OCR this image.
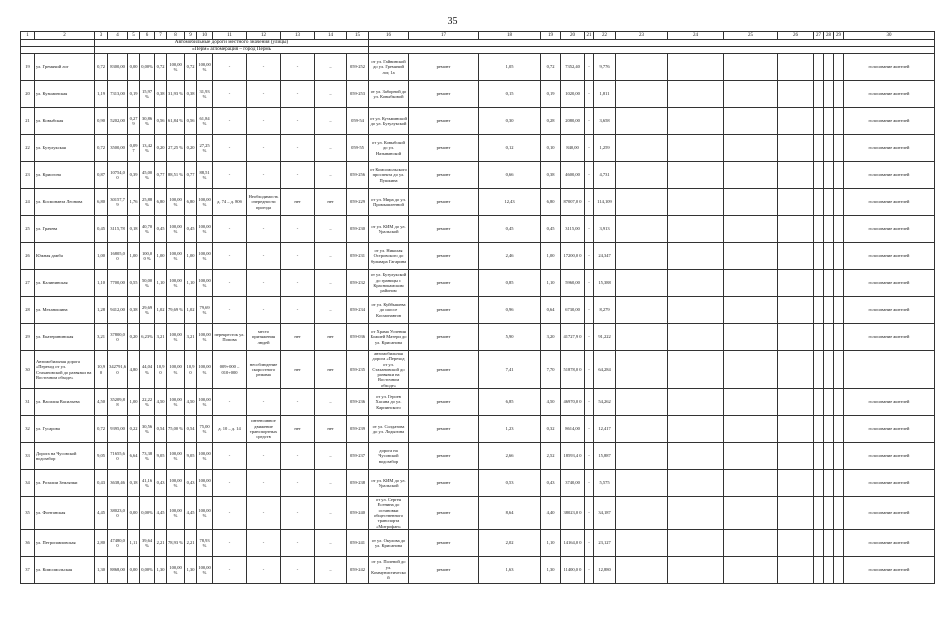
35
1	2	3	4	5	6	7	8	9	10	11	12	13	14	15	16	17	18	19	20	21	22	23	24	25	26	27	28	29	30
		Автомобильные дороги местного значения (улицы)																											
		«Перм» агломерация – город Пермь																											
19	ул. Гремячий лог	0,72	8300,00	0,00	0,00%	0,72	100,00 %	0,72	100,00 %	-	-	-	–	059-252	от ул. Гайвинской до ул. Гремячий лог, 1а	ремонт	1,05	0,72	7352,40	-	9,776								голосование жителей
20	ул. Кузьминская	1,19	7313,00	0,19	15,97 %	0,38	31,93 %	0,38	31,93 %	-	-	-	–	059-253	от ул. Заборной до ул. Ковыбковой	ремонт	0,15	0,19	1020,00	-	1,811								голосование жителей
21	ул. Ковыбская	0,90	5202,00	0,27 9	30,86 %	0,56	61,84 %	0,56	61,84 %	-	-	-	–	059-54	от ул. Кузьминской до ул. Бузулукской	ремонт	0,30	0,28	2080,00	-	3,658								голосование жителей
22	ул. Бузулукская	0,72	3500,00	0,09 7	13,42 %	0,20	27,25 %	0,20	27,25 %	-	-	-	–	059-55	от ул. Ковыбской до ул. Называнской	ремонт	0,12	0,10	840,00	-	1,259								голосование жителей
23	ул. Криогона	0,87	10754,0 0	0,39	45,00 %	0,77	88,51 %	0,77	88,51 %	-	-	-	–	059-256	от Комсомольского проспекта до ул. Пушкина	ремонт	0,66	0,38	4600,00	-	4,731								голосование жителей
24	ул. Космонавта Леонова	6,80	30157,7 9	1,76	25,88 %	6,80	100,00 %	6,80	100,00 %	д. 74 – д. 80б	Необходимость очередности проезда	нет	нет	059-229	от ул. Мира до ул. Промышленной	ремонт	12,43	6,80	87007,0 0	-	114,109								голосование жителей
25	ул. Грачева	0,45	3115,78	0,18	40,70 %	0,45	100,00 %	0,45	100,00 %	-	-	-	–	059-230	от ул. КИМ до ул. Уральской	ремонт	0,45	0,45	3115,00	-	3,913								голосование жителей
26	Южная дамба	1,00	16805,0 0	1,00	100,00 %	1,00	100,00 %	1,00	100,00 %	-	-	-	–	059-231	от ул. Николая Островского до бульвара Гагарина	ремонт	2,46	1,00	17200,0 0	-	24,347								голосование жителей
27	ул. Калининская	1,10	7700,00	0,55	50,00 %	1,10	100,00 %	1,10	100,00 %	-	-	-	–	059-232	от ул. Бузулукской до границы с Краснокамским районом	ремонт	0,85	1,10	5960,00	-	15,388								голосование жителей
28	ул. Механошина	1,28	9412,00	0,38	29,69 %	1,02	79,69 %	1,02	79,69 %	-	-	-	–	059-234	от ул. Куйбышева до шоссе Космонавтов	ремонт	0,96	0,64	6730,00	-	8,279								голосование жителей
29	ул. Екатерининская	3,21	37800,0 0	0,20	6,23%	3,21	100,00 %	3,21	100,00 %	перекресток ул. Попова	место притяжения людей	нет	нет	059-036	от Храма Успения Божией Матери до ул. Крисанова	ремонт	5,90	3,20	41727,9 0	-	91,222								голосование жителей
30	Автомобильная дорога «Переход от ул. Стахановской до развязки на Восточном обходе»	10,90	342791,60	4,80	44,04 %	10,90	100,00 %	10,90	100,00 %	009+000 – 010+000	несоблюдение скоростного режима	нет	нет	059-235	автомобильная дорога «Переход от ул. Стахановской до развязки на Восточном обходе»	ремонт	7,41	7,70	51878,0 0	-	64,284								
31	ул. Василия Васильева	4,50	35209,8 8	1,00	22,22 %	4,50	100,00 %	4,50	100,00 %	-	-	-	–	059-236	от ул. Героев Хасана до ул. Карпинского	ремонт	6,85	4,50	46970,0 0	-	54,262								голосование жителей
32	ул. Гусарова	0,72	9395,00	0,22	30,56 %	0,54	75,00 %	0,54	75,00 %	д. 10 – д. 14	интенсивное движение транспортных средств	нет	нет	059-239	от ул. Солдатова до ул. Лодыгина	ремонт	1,23	0,32	8614,00	-	12,417								голосование жителей
33	Дорога на Чусовской водозабор	9,05	71655,6 0	6,64	73,38 %	9,05	100,00 %	9,05	100,00 %	-	-	-	–	059-237	дорога на Чусовской водозабор	ремонт	2,66	2,52	18593,4 0	-	15,887								голосование жителей
34	ул. Розалии Землячки	0,43	3638,46	0,18	41,16 %	0,43	100,00 %	0,43	100,00 %	-	-	-	–	059-238	от ул. КИМ до ул. Уральской	ремонт	0,53	0,43	3740,00	-	5,575								голосование жителей
35	ул. Фонтанская	4,45	38023,0 0	0,00	0,00%	4,45	100,00 %	4,45	100,00 %	-	-	-	–	059-240	от ул. Сергея Есенина до остановки общественного транспорта «Митрофан»	ремонт	8,64	4,40	38023,0 0	-	34,187								голосование жителей
36	ул. Петропавловская	2,80	47480,0 0	1,11	39,64 %	2,21	78,93 %	2,21	78,93 %	-	-	-	–	059-241	от ул. Окулова до ул. Крисанова	ремонт	2,02	1,10	14164,0 0	-	23,127								голосование жителей
37	ул. Комсомольская	1,30	8868,00	0,00	0,00%	1,30	100,00 %	1,30	100,00 %	-	-	-	–	059-242	от ул. Полевой до ул. Коммунистической	ремонт	1,63	1,30	11400,0 0	-	12,880								голосование жителей
